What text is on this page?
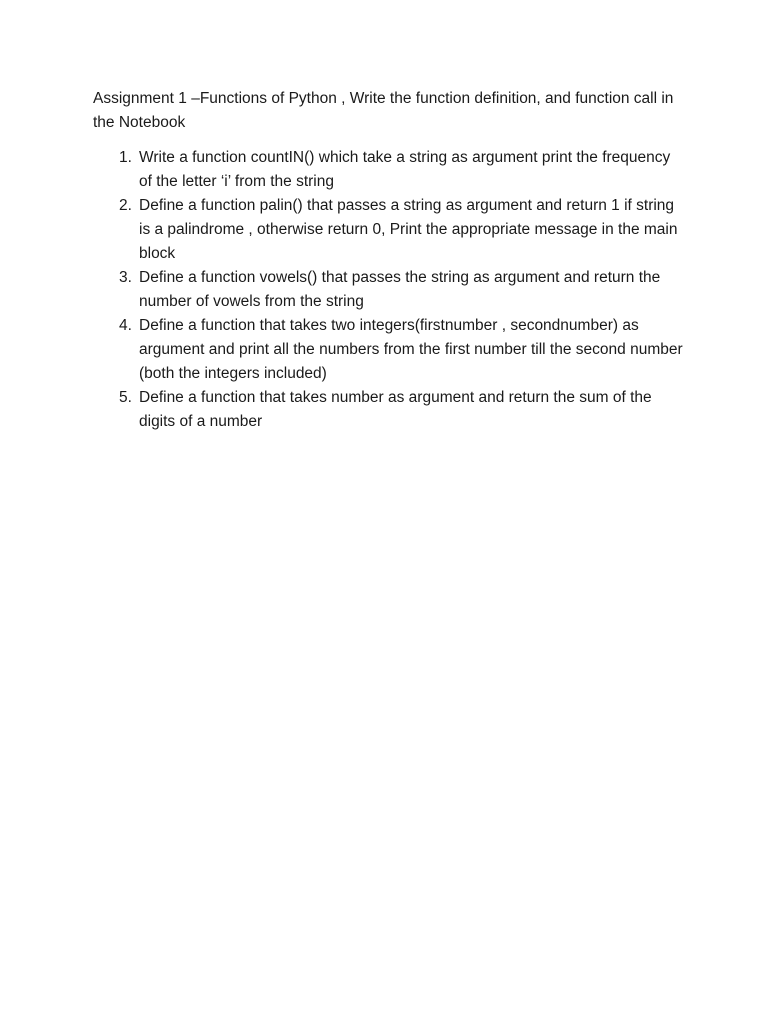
Assignment 1 –Functions of Python , Write the function definition, and function call in the Notebook

1. Write a function countIN() which take a string as argument print the frequency of the letter ‘i’ from the string
2. Define a function palin() that passes a string as argument and return 1 if string is a palindrome , otherwise return 0, Print the appropriate message in the main block
3. Define a function vowels() that passes the string as argument and return the number of vowels from the string
4. Define a function that takes two integers(firstnumber , secondnumber) as argument and print all the numbers from the first number till the second number (both the integers included)
5. Define a function that takes number as argument and return the sum of the digits of a number
